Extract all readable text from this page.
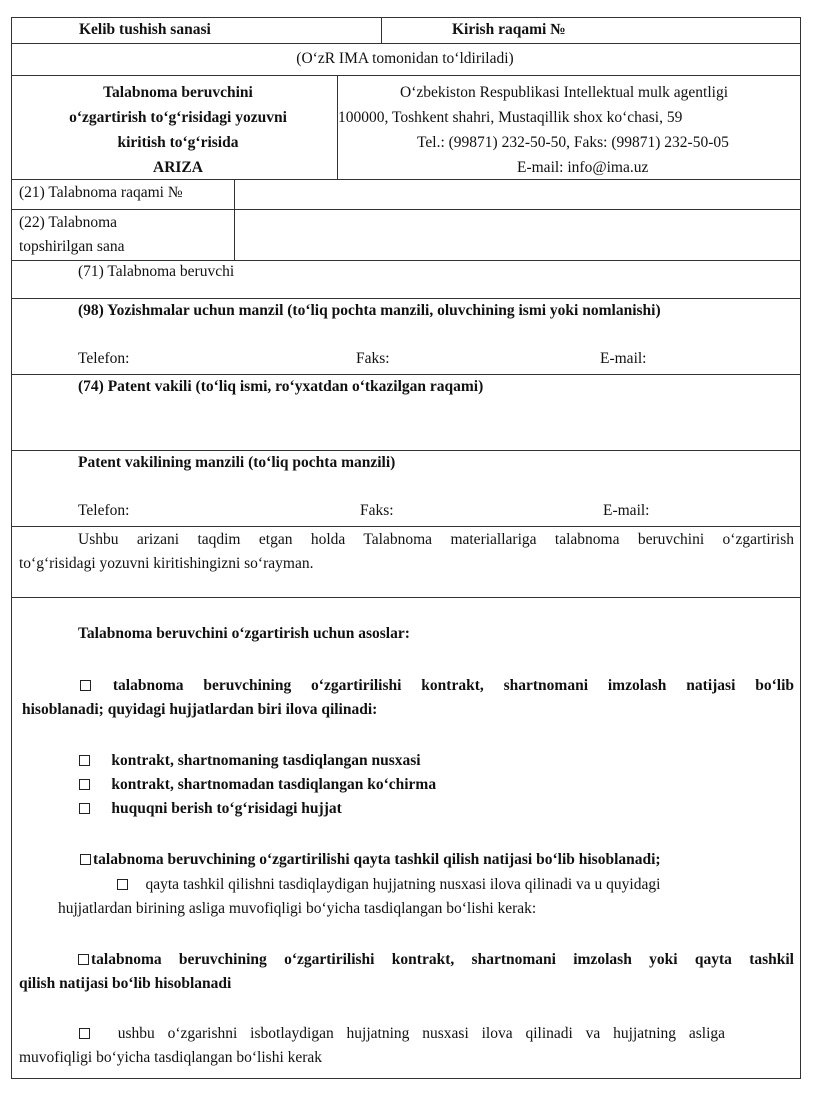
Kelib tushish sanasi	Kirish raqami №
(O‘zR IMA tomonidan to‘ldiriladi)
Talabnoma beruvchini
o‘zgartirish to‘g‘risidagi yozuvni
kiritish to‘g‘risida
ARIZA
O‘zbekiston Respublikasi Intellektual mulk agentligi
100000, Toshkent shahri, Mustaqillik shox ko‘chasi, 59
Tel.: (99871) 232-50-50, Faks: (99871) 232-50-05
E-mail: info@ima.uz
(21) Talabnoma raqami №
(22) Talabnoma
topshirilgan sana
(71) Talabnoma beruvchi
(98) Yozishmalar uchun manzil (to‘liq pochta manzili, oluvchining ismi yoki nomlanishi)
Telefon:	Faks:	E-mail:
(74) Patent vakili (to‘liq ismi, ro‘yxatdan o‘tkazilgan raqami)
Patent vakilining manzili (to‘liq pochta manzili)
Telefon:	Faks:	E-mail:
Ushbu arizani taqdim etgan holda Talabnoma materiallariga talabnoma beruvchini o‘zgartirish
to‘g‘risidagi yozuvni kiritishingizni so‘rayman.
Talabnoma beruvchini o‘zgartirish uchun asoslar:
talabnoma beruvchining o‘zgartirilishi kontrakt, shartnomani imzolash natijasi bo‘lib
hisoblanadi; quyidagi hujjatlardan biri ilova qilinadi:
kontrakt, shartnomaning tasdiqlangan nusxasi
kontrakt, shartnomadan tasdiqlangan ko‘chirma
huquqni berish to‘g‘risidagi hujjat
talabnoma beruvchining o‘zgartirilishi qayta tashkil qilish natijasi bo‘lib hisoblanadi;
qayta tashkil qilishni tasdiqlaydigan hujjatning nusxasi ilova qilinadi va u quyidagi
hujjatlardan birining asliga muvofiqligi bo‘yicha tasdiqlangan bo‘lishi kerak:
talabnoma beruvchining o‘zgartirilishi kontrakt, shartnomani imzolash yoki qayta tashkil
qilish natijasi bo‘lib hisoblanadi
ushbu o‘zgarishni isbotlaydigan hujjatning nusxasi ilova qilinadi va hujjatning asliga
muvofiqligi bo‘yicha tasdiqlangan bo‘lishi kerak
